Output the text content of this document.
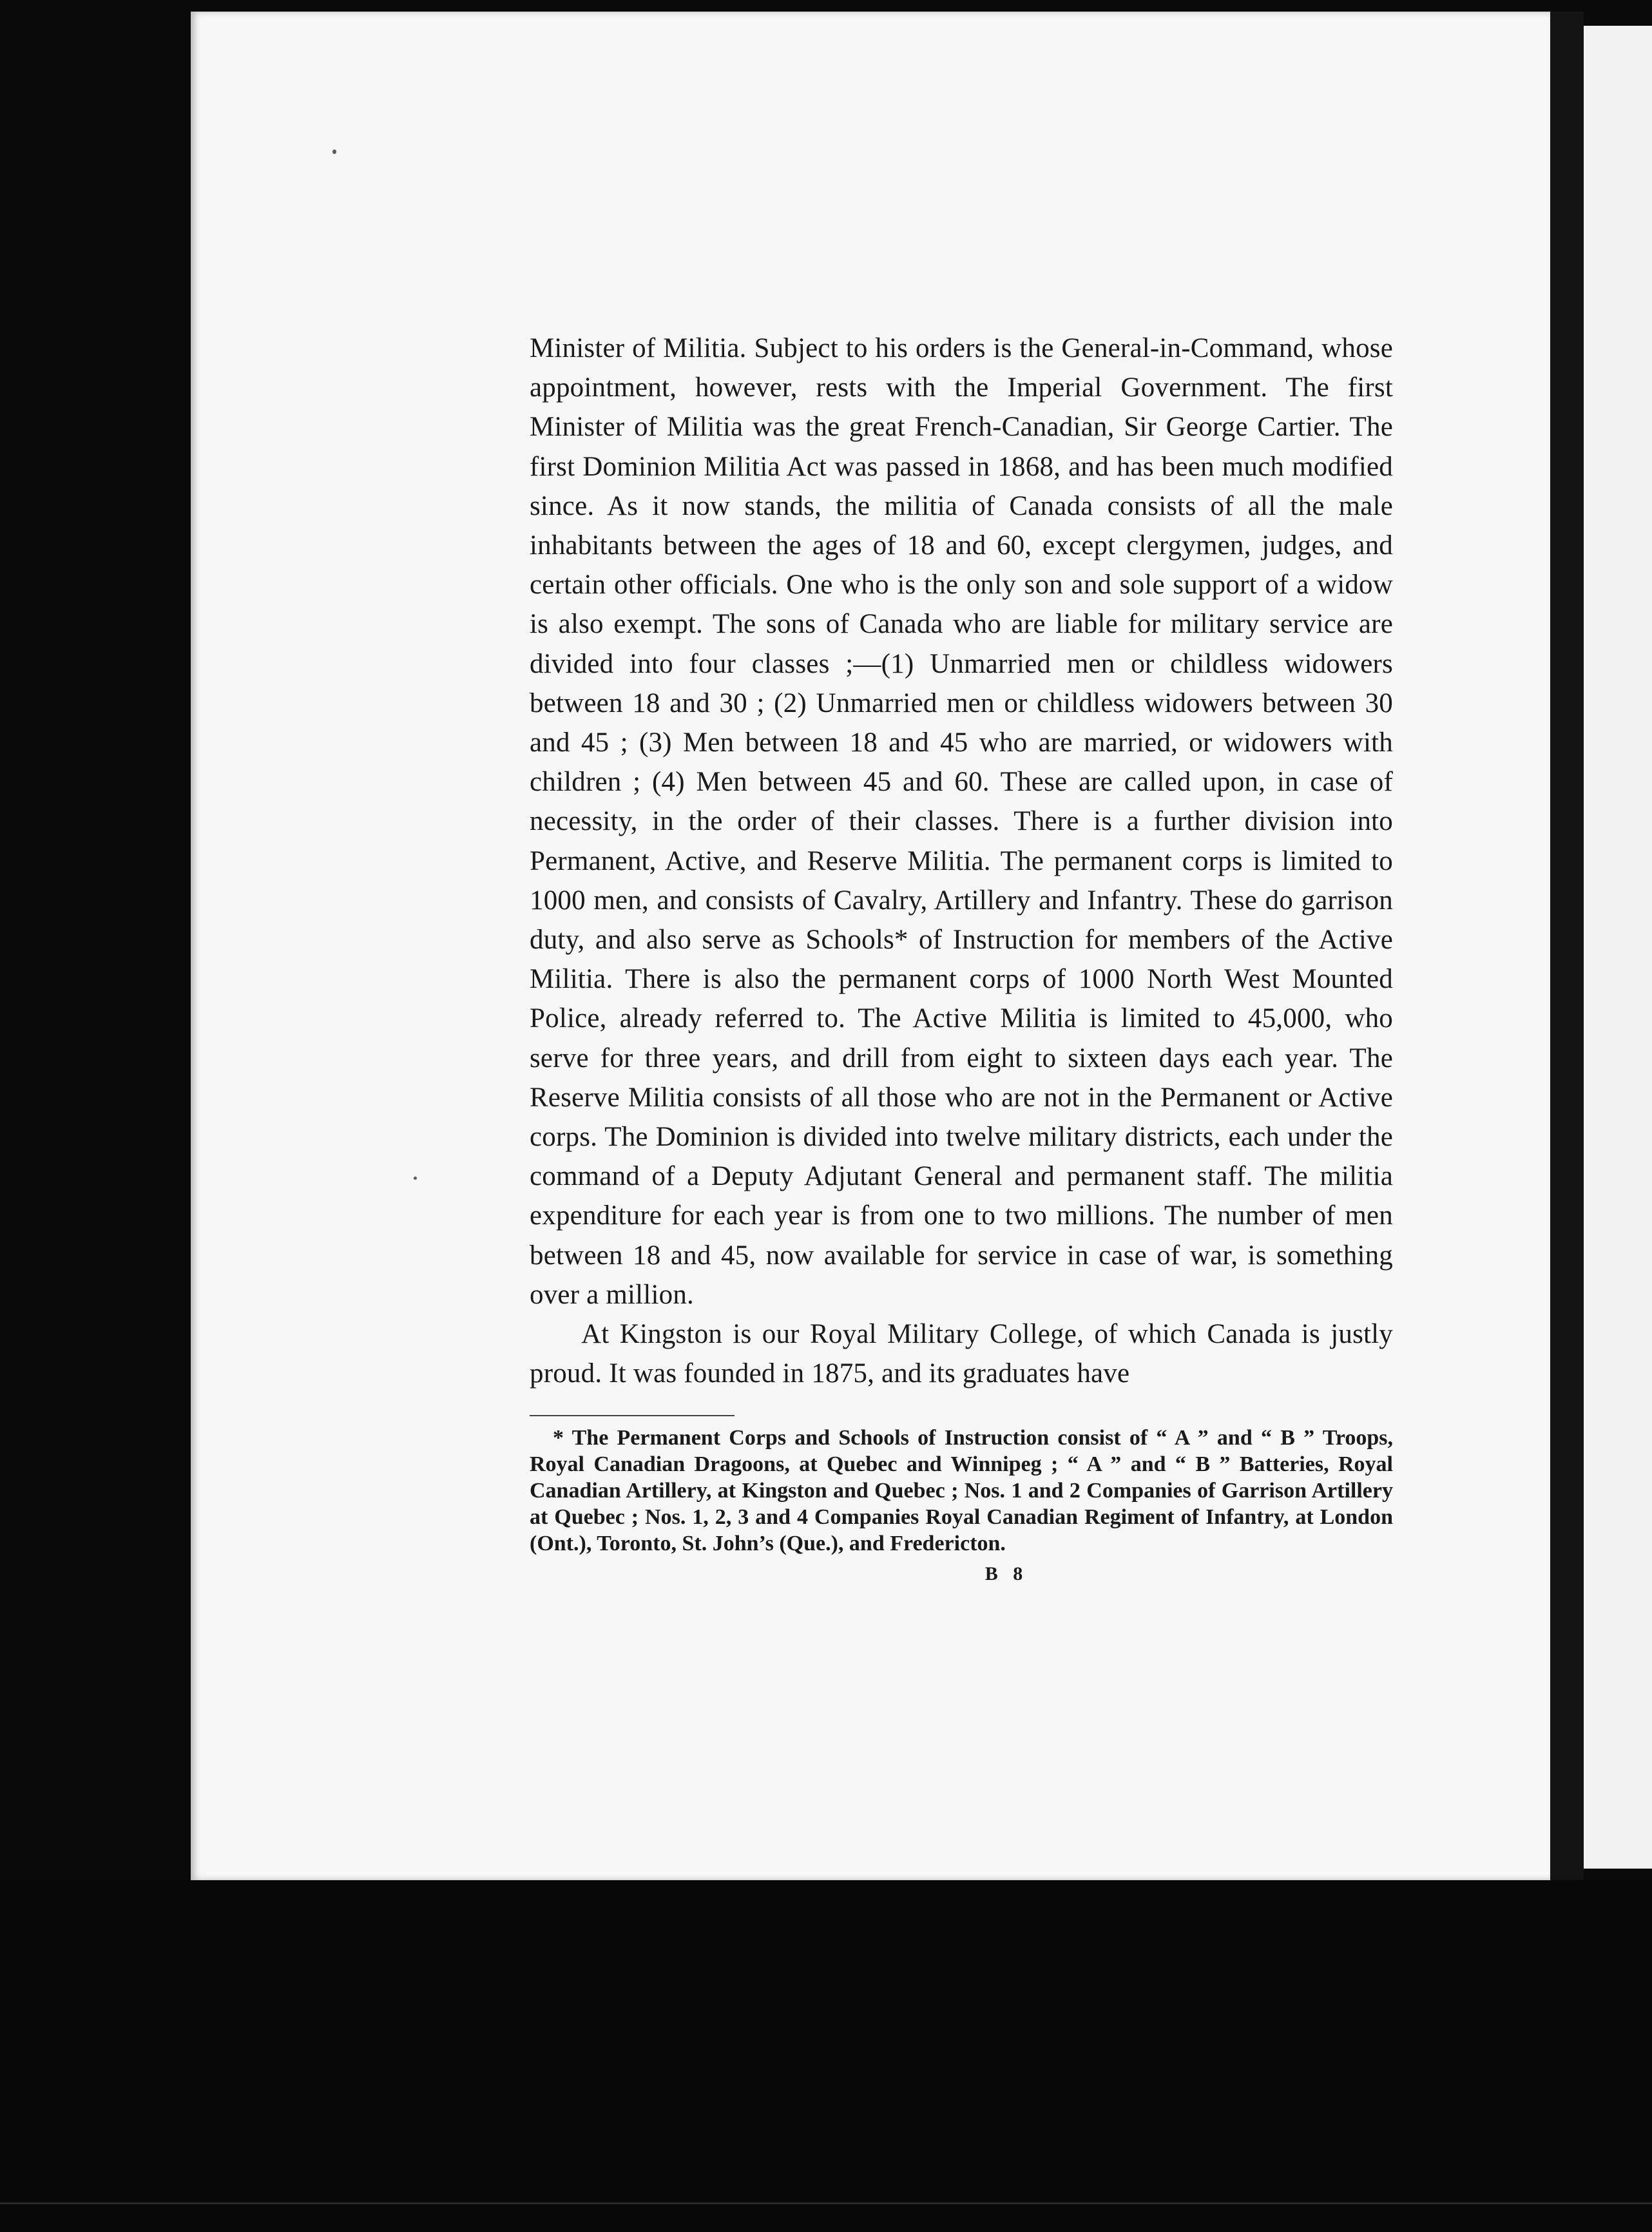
Minister of Militia. Subject to his orders is the General-in-Command, whose appointment, however, rests with the Imperial Government. The first Minister of Militia was the great French-Canadian, Sir George Cartier. The first Dominion Militia Act was passed in 1868, and has been much modified since. As it now stands, the militia of Canada consists of all the male inhabitants between the ages of 18 and 60, except clergymen, judges, and certain other officials. One who is the only son and sole support of a widow is also exempt. The sons of Canada who are liable for military service are divided into four classes ;—(1) Unmarried men or childless widowers between 18 and 30 ; (2) Unmarried men or childless widowers between 30 and 45 ; (3) Men between 18 and 45 who are married, or widowers with children ; (4) Men between 45 and 60. These are called upon, in case of necessity, in the order of their classes. There is a further division into Permanent, Active, and Reserve Militia. The permanent corps is limited to 1000 men, and consists of Cavalry, Artillery and Infantry. These do garrison duty, and also serve as Schools* of Instruction for members of the Active Militia. There is also the permanent corps of 1000 North West Mounted Police, already referred to. The Active Militia is limited to 45,000, who serve for three years, and drill from eight to sixteen days each year. The Reserve Militia consists of all those who are not in the Permanent or Active corps. The Dominion is divided into twelve military districts, each under the command of a Deputy Adjutant General and permanent staff. The militia expenditure for each year is from one to two millions. The number of men between 18 and 45, now available for service in case of war, is something over a million.

At Kingston is our Royal Military College, of which Canada is justly proud. It was founded in 1875, and its graduates have

* The Permanent Corps and Schools of Instruction consist of “ A ” and “ B ” Troops, Royal Canadian Dragoons, at Quebec and Winnipeg ; “ A ” and “ B ” Batteries, Royal Canadian Artillery, at Kingston and Quebec ; Nos. 1 and 2 Companies of Garrison Artillery at Quebec ; Nos. 1, 2, 3 and 4 Companies Royal Canadian Regiment of Infantry, at London (Ont.), Toronto, St. John’s (Que.), and Fredericton.

B 8
